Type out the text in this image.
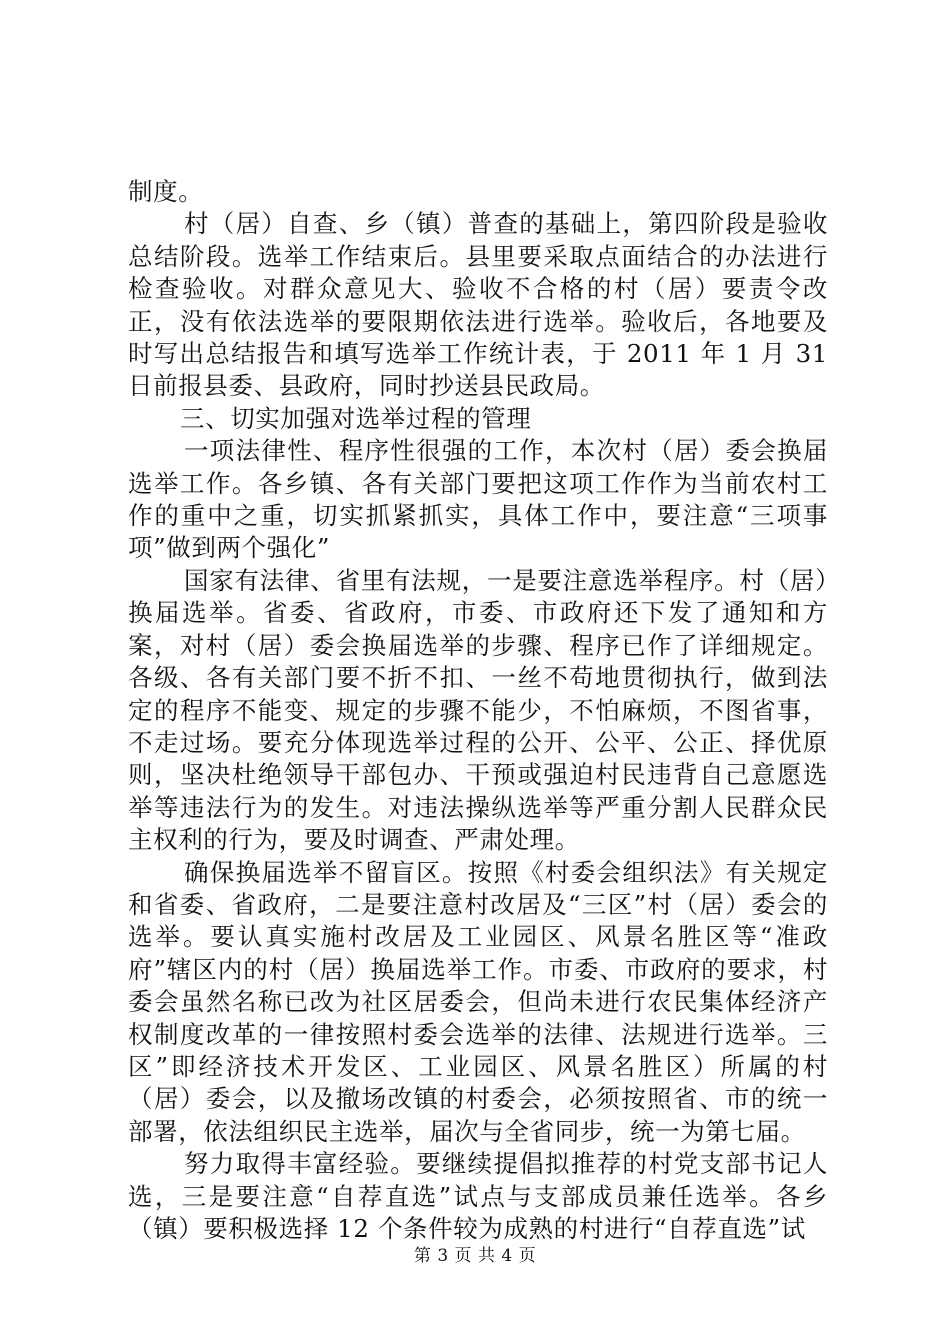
制度。

村（居）自查、乡（镇）普查的基础上，第四阶段是验收总结阶段。选举工作结束后。县里要采取点面结合的办法进行检查验收。对群众意见大、验收不合格的村（居）要责令改正，没有依法选举的要限期依法进行选举。验收后，各地要及时写出总结报告和填写选举工作统计表，于 2011 年 1 月 31 日前报县委、县政府，同时抄送县民政局。

三、切实加强对选举过程的管理

一项法律性、程序性很强的工作，本次村（居）委会换届选举工作。各乡镇、各有关部门要把这项工作作为当前农村工作的重中之重，切实抓紧抓实，具体工作中，要注意“三项事项”做到两个强化”

国家有法律、省里有法规，一是要注意选举程序。村（居）换届选举。省委、省政府，市委、市政府还下发了通知和方案，对村（居）委会换届选举的步骤、程序已作了详细规定。各级、各有关部门要不折不扣、一丝不苟地贯彻执行，做到法定的程序不能变、规定的步骤不能少，不怕麻烦，不图省事，不走过场。要充分体现选举过程的公开、公平、公正、择优原则，坚决杜绝领导干部包办、干预或强迫村民违背自己意愿选举等违法行为的发生。对违法操纵选举等严重分割人民群众民主权利的行为，要及时调查、严肃处理。

确保换届选举不留盲区。按照《村委会组织法》有关规定和省委、省政府，二是要注意村改居及“三区”村（居）委会的选举。要认真实施村改居及工业园区、风景名胜区等“准政府”辖区内的村（居）换届选举工作。市委、市政府的要求，村委会虽然名称已改为社区居委会，但尚未进行农民集体经济产权制度改革的一律按照村委会选举的法律、法规进行选举。三区”即经济技术开发区、工业园区、风景名胜区）所属的村（居）委会，以及撤场改镇的村委会，必须按照省、市的统一部署，依法组织民主选举，届次与全省同步，统一为第七届。

努力取得丰富经验。要继续提倡拟推荐的村党支部书记人选，三是要注意“自荐直选”试点与支部成员兼任选举。各乡（镇）要积极选择 12 个条件较为成熟的村进行“自荐直选”试

第 3 页 共 4 页
